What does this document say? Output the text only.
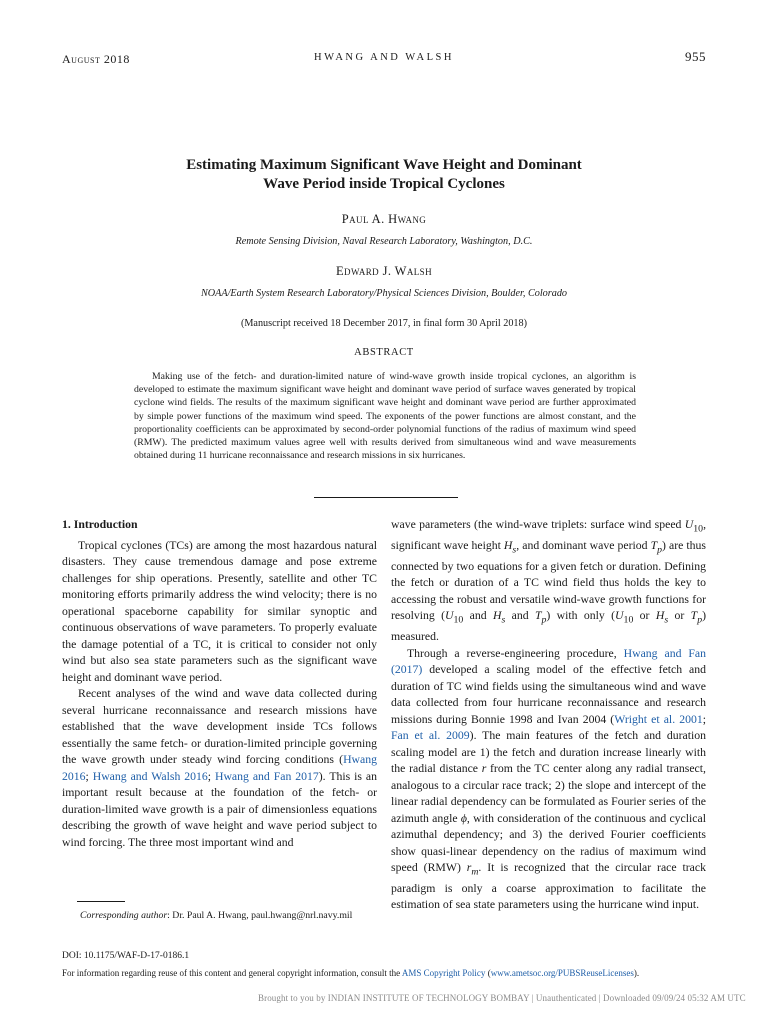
August 2018	HWANG AND WALSH	955
Estimating Maximum Significant Wave Height and Dominant
Wave Period inside Tropical Cyclones
Paul A. Hwang
Remote Sensing Division, Naval Research Laboratory, Washington, D.C.
Edward J. Walsh
NOAA/Earth System Research Laboratory/Physical Sciences Division, Boulder, Colorado
(Manuscript received 18 December 2017, in final form 30 April 2018)
ABSTRACT

Making use of the fetch- and duration-limited nature of wind-wave growth inside tropical cyclones, an algorithm is developed to estimate the maximum significant wave height and dominant wave period of surface waves generated by tropical cyclone wind fields. The results of the maximum significant wave height and dominant wave period are further approximated by simple power functions of the maximum wind speed. The exponents of the power functions are almost constant, and the proportionality coefficients can be approximated by second-order polynomial functions of the radius of maximum wind speed (RMW). The predicted maximum values agree well with results derived from simultaneous wind and wave measurements obtained during 11 hurricane reconnaissance and research missions in six hurricanes.

1. Introduction

Tropical cyclones (TCs) are among the most hazardous natural disasters. They cause tremendous damage and pose extreme challenges for ship operations. Presently, satellite and other TC monitoring efforts primarily address the wind velocity; there is no operational spaceborne capability for similar synoptic and continuous observations of wave parameters. To properly evaluate the damage potential of a TC, it is critical to consider not only wind but also sea state parameters such as the significant wave height and dominant wave period.

Recent analyses of the wind and wave data collected during several hurricane reconnaissance and research missions have established that the wave development inside TCs follows essentially the same fetch- or duration-limited principle governing the wave growth under steady wind forcing conditions (Hwang 2016; Hwang and Walsh 2016; Hwang and Fan 2017). This is an important result because at the foundation of the fetch- or duration-limited wave growth is a pair of dimensionless equations describing the growth of wave height and wave period subject to wind forcing. The three most important wind and

wave parameters (the wind-wave triplets: surface wind speed $U_{10}$, significant wave height $H_s$, and dominant wave period $T_p$) are thus connected by two equations for a given fetch or duration. Defining the fetch or duration of a TC wind field thus holds the key to accessing the robust and versatile wind-wave growth functions for resolving ($U_{10}$ and $H_s$ and $T_p$) with only ($U_{10}$ or $H_s$ or $T_p$) measured.

Through a reverse-engineering procedure, Hwang and Fan (2017) developed a scaling model of the effective fetch and duration of TC wind fields using the simultaneous wind and wave data collected from four hurricane reconnaissance and research missions during Bonnie 1998 and Ivan 2004 (Wright et al. 2001; Fan et al. 2009). The main features of the fetch and duration scaling model are 1) the fetch and duration increase linearly with the radial distance r from the TC center along any radial transect, analogous to a circular race track; 2) the slope and intercept of the linear radial dependency can be formulated as Fourier series of the azimuth angle ϕ, with consideration of the continuous and cyclical azimuthal dependency; and 3) the derived Fourier coefficients show quasi-linear dependency on the radius of maximum wind speed (RMW) $r_m$. It is recognized that the circular race track paradigm is only a coarse approximation to facilitate the estimation of sea state parameters using the hurricane wind input.

Corresponding author: Dr. Paul A. Hwang, paul.hwang@nrl.navy.mil
DOI: 10.1175/WAF-D-17-0186.1
For information regarding reuse of this content and general copyright information, consult the AMS Copyright Policy (www.ametsoc.org/PUBSReuseLicenses).
Brought to you by INDIAN INSTITUTE OF TECHNOLOGY BOMBAY | Unauthenticated | Downloaded 09/09/24 05:32 AM UTC
